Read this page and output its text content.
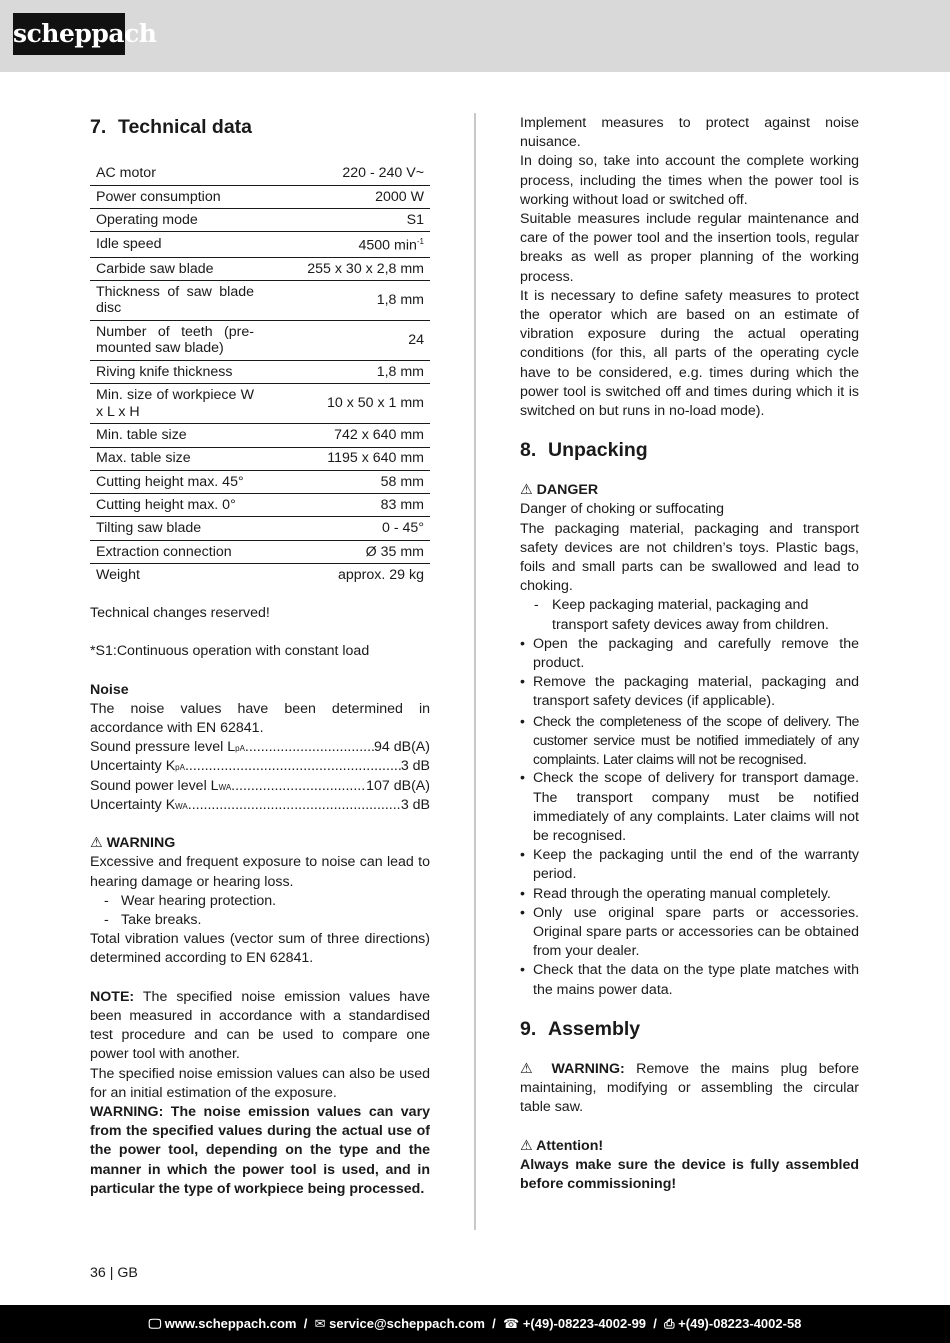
scheppach
7. Technical data
AC motor	220 - 240 V~
Power consumption	2000 W
Operating mode	S1
Idle speed	4500 $\min^{-1}$
Carbide saw blade	255 x 30 x 2,8 mm
Thickness of saw blade disc	1,8 mm
Number of teeth (pre-mounted saw blade)	24
Riving knife thickness	1,8 mm
Min. size of workpiece W x L x H	10 x 50 x 1 mm
Min. table size	742 x 640 mm
Max. table size	1195 x 640 mm
Cutting height max. 45°	58 mm
Cutting height max. 0°	83 mm
Tilting saw blade	0 - 45°
Extraction connection	Ø 35 mm
Weight	approx. 29 kg

Technical changes reserved!

*S1:Continuous operation with constant load

Noise

The noise values have been determined in accordance with EN 62841.

Sound pressure level L pA .....	94 dB(A)
Uncertainty K pA .....	3 dB
Sound power level L WA .....	107 dB(A)
Uncertainty K WA .....	3 dB

⚠ WARNING

Excessive and frequent exposure to noise can lead to hearing damage or hearing loss.

- Wear hearing protection.
- Take breaks.

Total vibration values (vector sum of three directions) determined according to EN 62841.

NOTE: The specified noise emission values have been measured in accordance with a standardised test procedure and can be used to compare one power tool with another.

The specified noise emission values can also be used for an initial estimation of the exposure.

WARNING: The noise emission values can vary from the specified values during the actual use of the power tool, depending on the type and the manner in which the power tool is used, and in particular the type of workpiece being processed.

Implement measures to protect against noise nuisance.

In doing so, take into account the complete working process, including the times when the power tool is working without load or switched off.

Suitable measures include regular maintenance and care of the power tool and the insertion tools, regular breaks as well as proper planning of the working process.

It is necessary to define safety measures to protect the operator which are based on an estimate of vibration exposure during the actual operating conditions (for this, all parts of the operating cycle have to be considered, e.g. times during which the power tool is switched off and times during which it is switched on but runs in no-load mode).

8. Unpacking

⚠ DANGER

Danger of choking or suffocating

The packaging material, packaging and transport safety devices are not children’s toys. Plastic bags, foils and small parts can be swallowed and lead to choking.

- Keep packaging material, packaging and transport safety devices away from children.
• Open the packaging and carefully remove the product.
• Remove the packaging material, packaging and transport safety devices (if applicable).
• Check the completeness of the scope of delivery. The customer service must be notified immediately of any complaints. Later claims will not be recognised.
• Check the scope of delivery for transport damage. The transport company must be notified immediately of any complaints. Later claims will not be recognised.
• Keep the packaging until the end of the warranty period.
• Read through the operating manual completely.
• Only use original spare parts or accessories. Original spare parts or accessories can be obtained from your dealer.
• Check that the data on the type plate matches with the mains power data.
9. Assembly

⚠ WARNING: Remove the mains plug before maintaining, modifying or assembling the circular table saw.

⚠ Attention!

Always make sure the device is fully assembled before commissioning!

36 | GB
🖵︎ www.scheppach.com  /  ✉︎ service@scheppach.com  /  ☎︎ +(49)-08223-4002-99  /  ⎙ +(49)-08223-4002-58
